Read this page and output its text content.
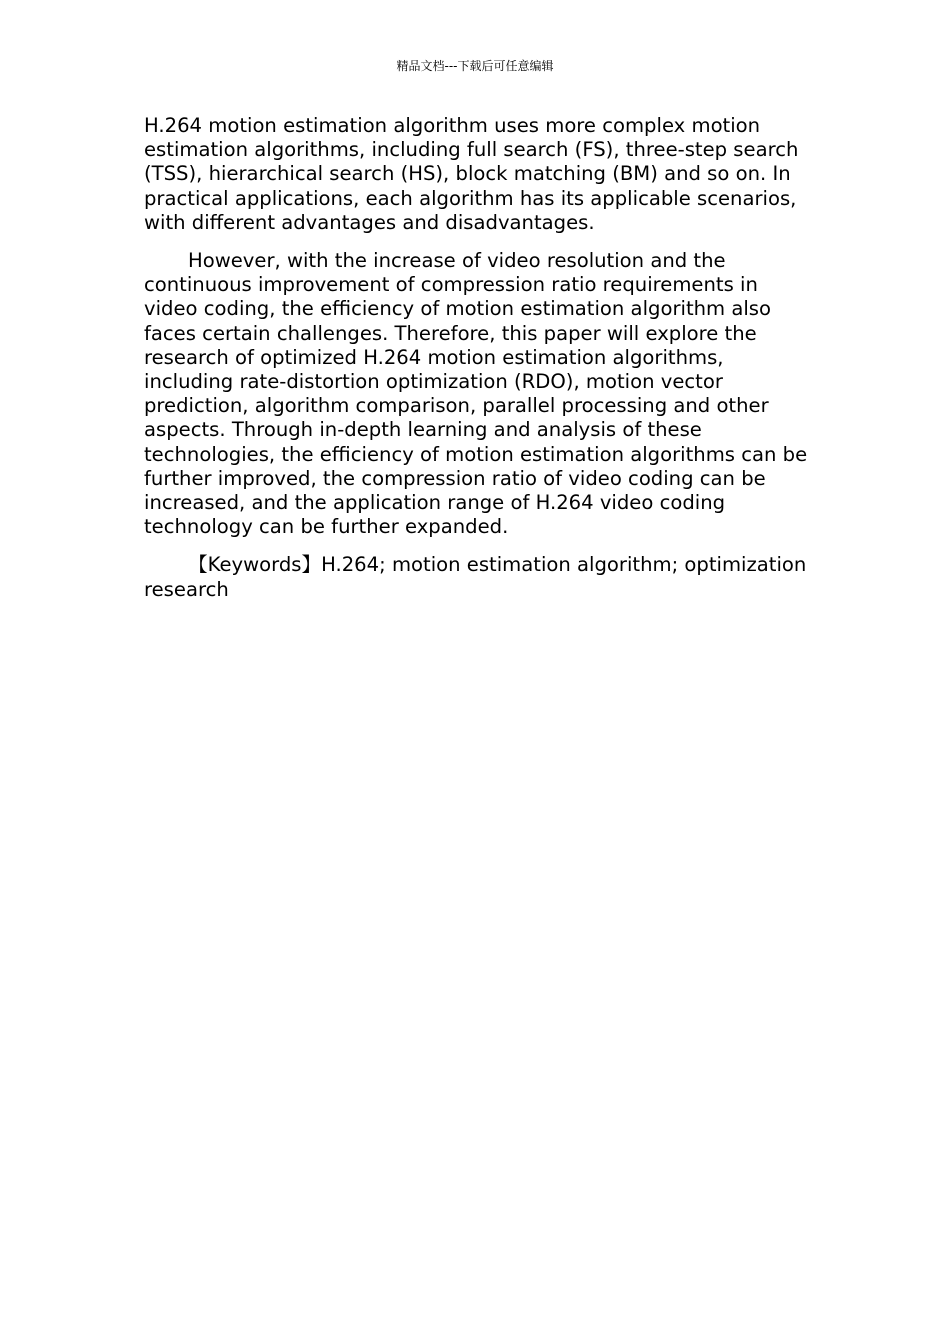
精品文档---下载后可任意编辑

H.264 motion estimation algorithm uses more complex motion estimation algorithms, including full search (FS), three-step search (TSS), hierarchical search (HS), block matching (BM) and so on. In practical applications, each algorithm has its applicable scenarios, with different advantages and disadvantages.

However, with the increase of video resolution and the continuous improvement of compression ratio requirements in video coding, the efficiency of motion estimation algorithm also faces certain challenges. Therefore, this paper will explore the research of optimized H.264 motion estimation algorithms, including rate-distortion optimization (RDO), motion vector prediction, algorithm comparison, parallel processing and other aspects. Through in-depth learning and analysis of these technologies, the efficiency of motion estimation algorithms can be further improved, the compression ratio of video coding can be increased, and the application range of H.264 video coding technology can be further expanded.

【Keywords】H.264; motion estimation algorithm; optimization research
